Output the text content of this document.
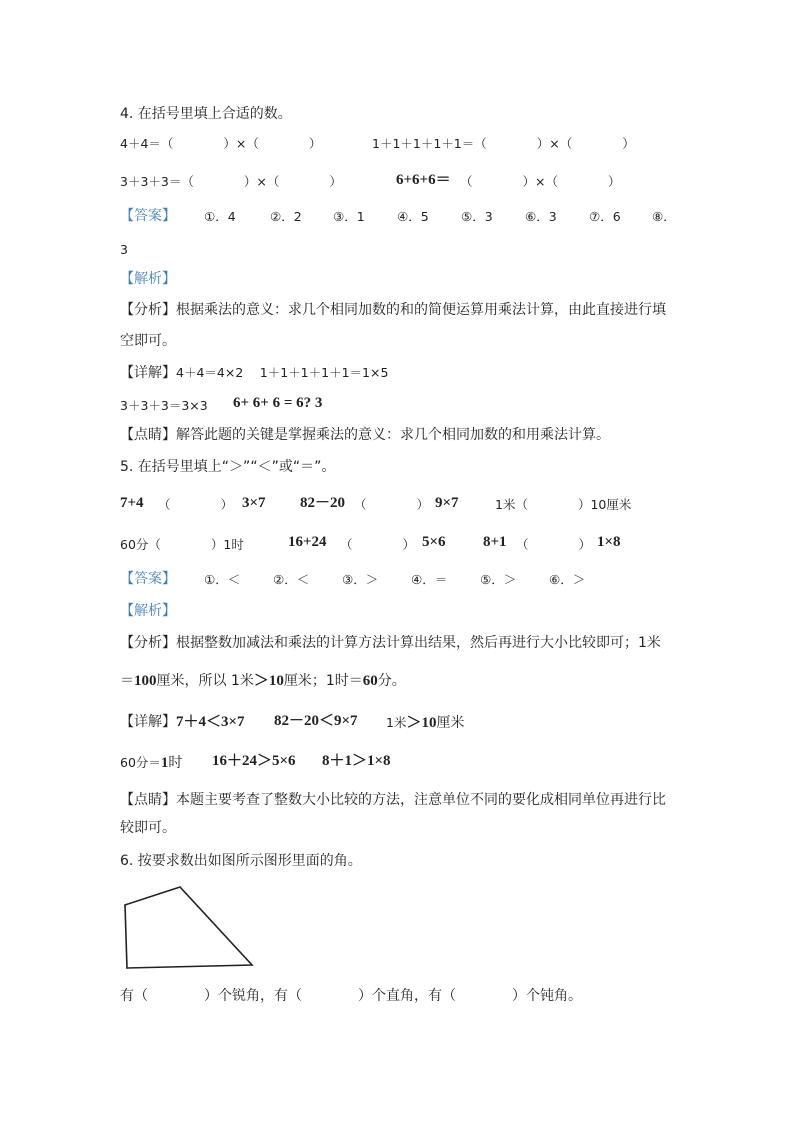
4. 在括号里填上合适的数。
4＋4＝（　　　　）×（　　　　）	1＋1＋1＋1＋1＝（　　　　）×（　　　　）
3＋3＋3＝（　　　　）×（　　　　）	6+6+6＝ （　　　　）×（　　　　）
【答案】 ①．4	②．2	③．1	④．5	⑤．3	⑥．3	⑦．6	⑧．
3
【解析】
【分析】根据乘法的意义：求几个相同加数的和的简便运算用乘法计算，由此直接进行填
空即可。
【详解】4＋4＝4×2　 1＋1＋1＋1＋1＝1×5
3＋3＋3＝3×3 6+ 6+ 6 = 6? 3
【点睛】解答此题的关键是掌握乘法的意义：求几个相同加数的和用乘法计算。
5. 在括号里填上“＞”“＜”或“＝”。
7+4 （　　　　） 3×7 82－20 （　　　　） 9×7	1米（　　　　）10厘米
60分（　　　　）1时	16+24 （　　　　） 5×6 8+1 （　　　　） 1×8
【答案】 ①．＜	②．＜	③．＞	④．＝	⑤．＞	⑥．＞
【解析】
【分析】根据整数加减法和乘法的计算方法计算出结果，然后再进行大小比较即可；1米
＝100厘米，所以 1米＞10厘米；1时＝60分。
【详解】7＋4＜3×7 82－20＜9×7 1米＞10厘米
60分＝1时 16＋24＞5×6 8＋1＞1×8
【点睛】本题主要考查了整数大小比较的方法，注意单位不同的要化成相同单位再进行比
较即可。
6. 按要求数出如图所示图形里面的角。
有（　　　　）个锐角，有（　　　　）个直角，有（　　　　）个钝角。
